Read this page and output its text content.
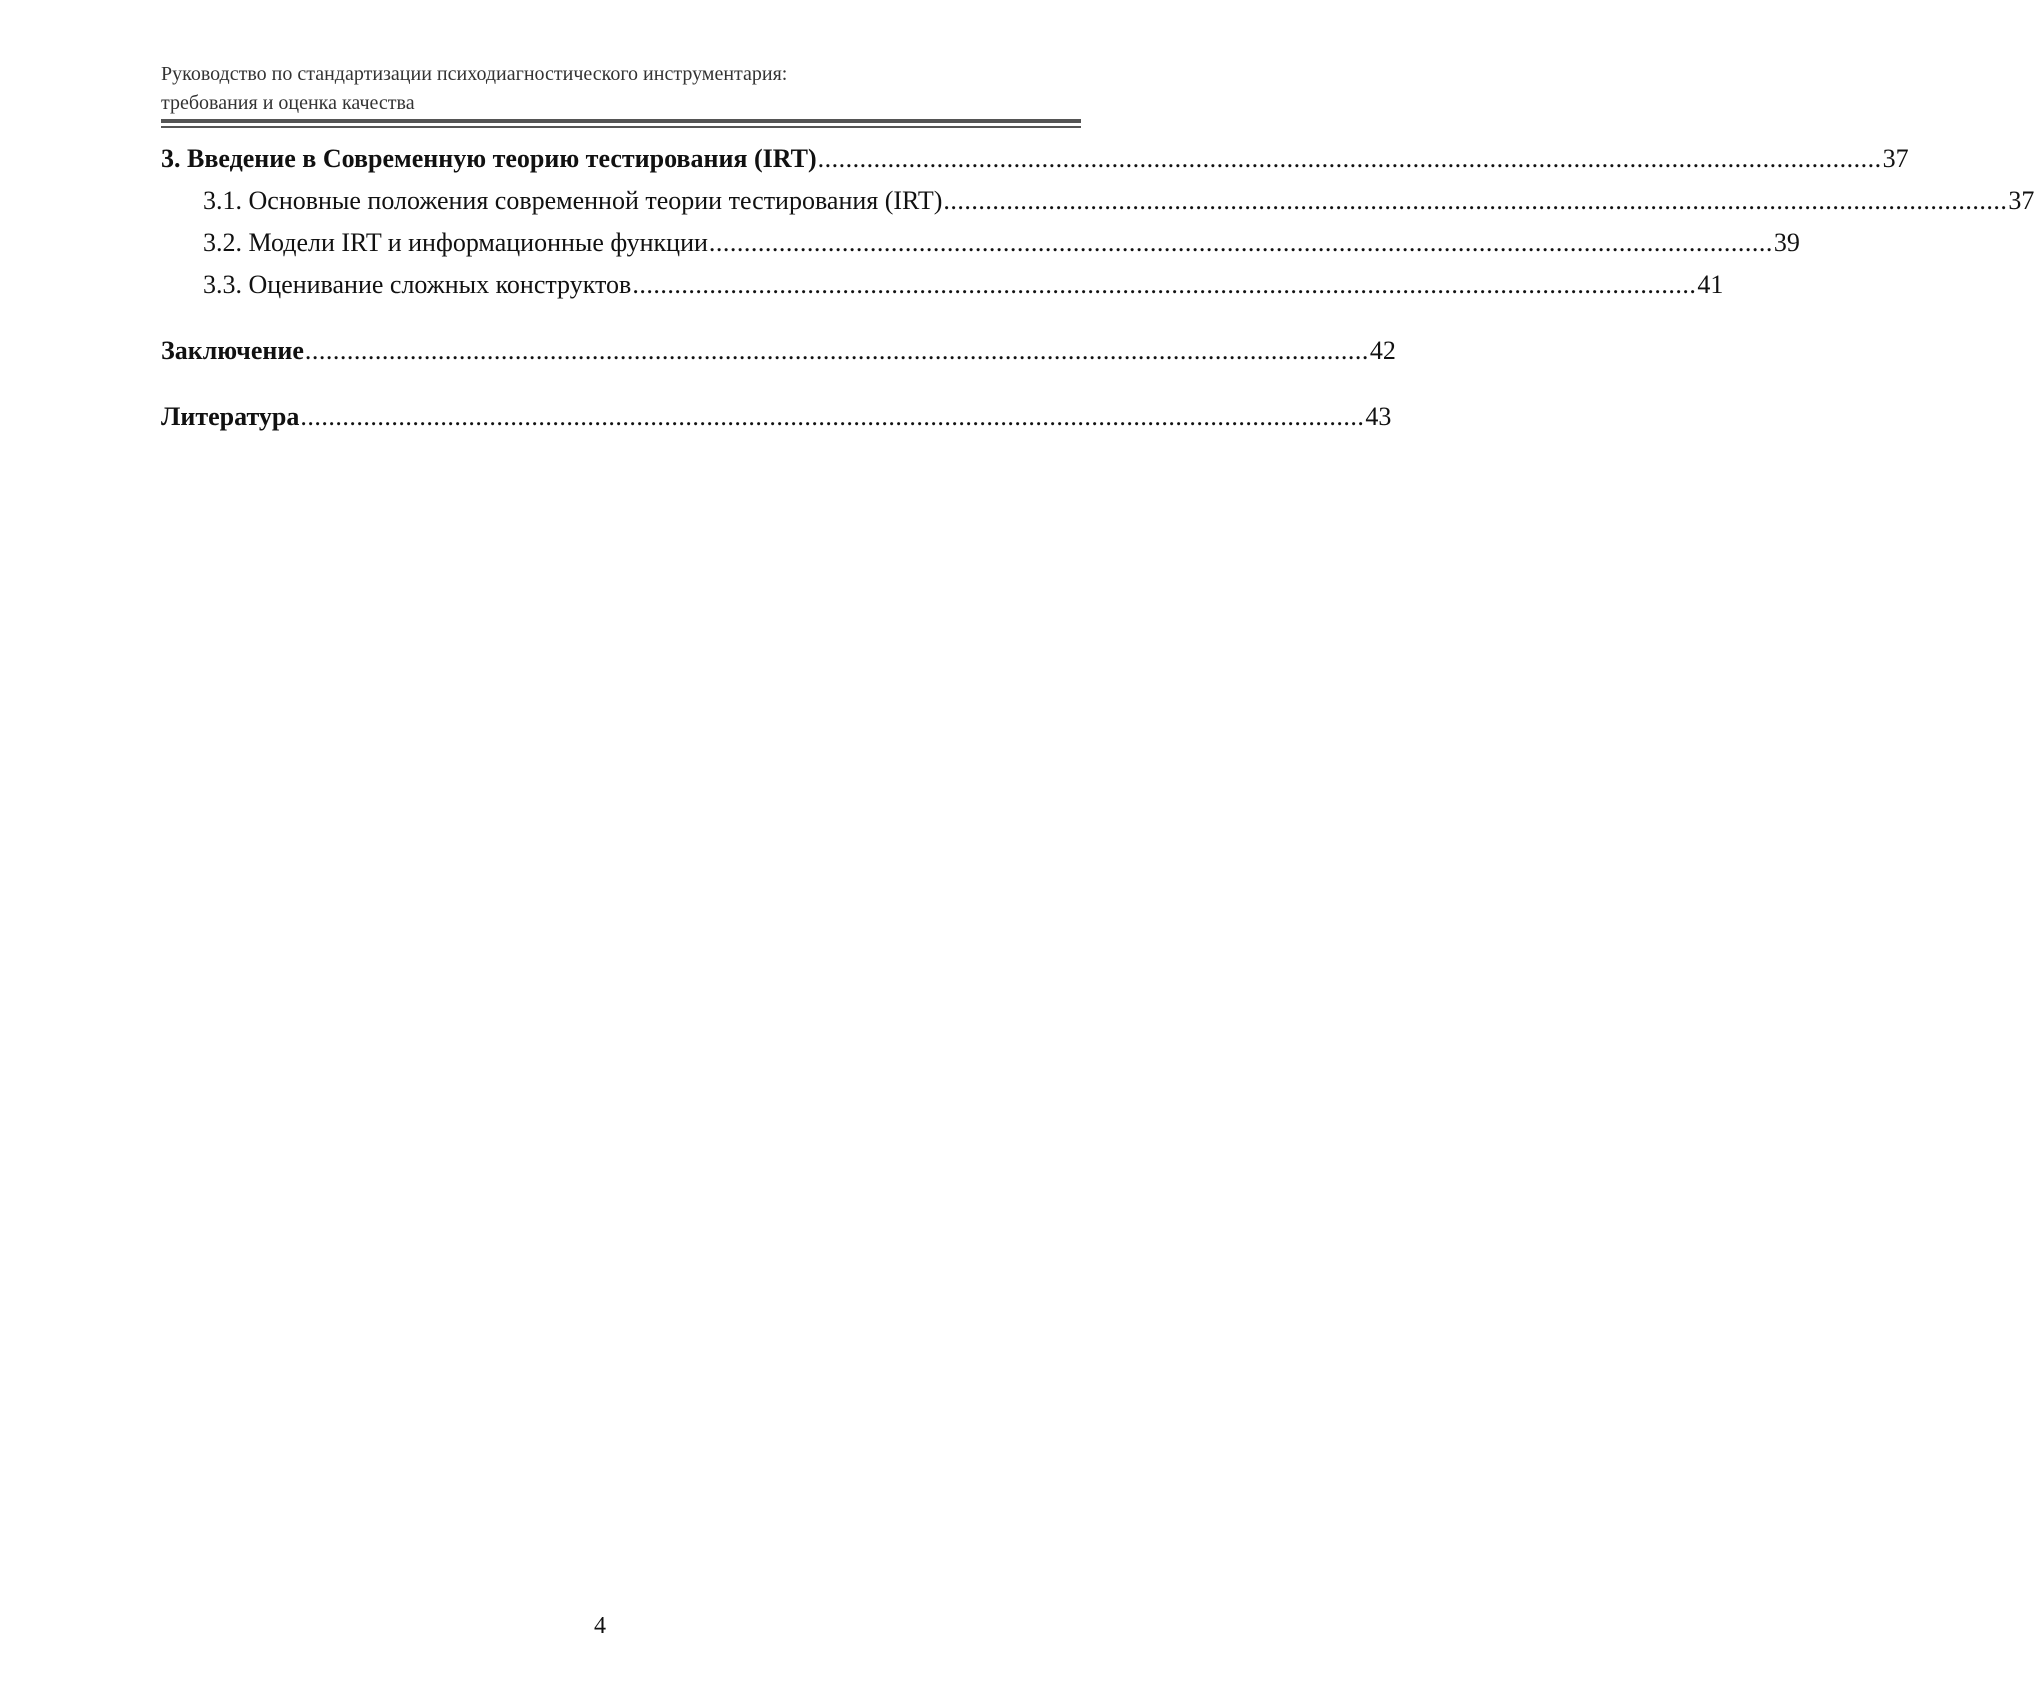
Руководство по стандартизации психодиагностического инструментария:
требования и оценка качества
3. Введение в Современную теорию тестирования (IRT) ........................................................................................................................................................ 37
3.1. Основные положения современной теории тестирования (IRT) ........................................................................................................................................................ 37
3.2. Модели IRT и информационные функции ........................................................................................................................................................ 39
3.3. Оценивание сложных конструктов ........................................................................................................................................................ 41
Заключение ........................................................................................................................................................ 42
Литература ........................................................................................................................................................ 43
4
